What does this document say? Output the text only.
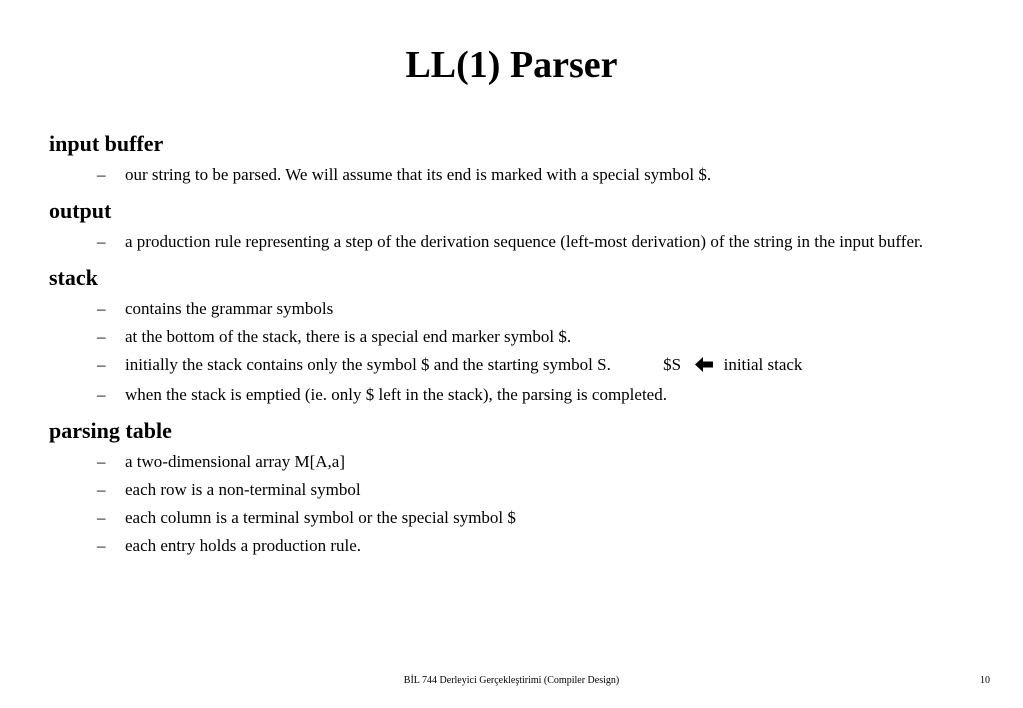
LL(1) Parser
input buffer
– our string to be parsed. We will assume that its end is marked with a special symbol $.
output
– a production rule representing a step of the derivation sequence (left-most derivation) of the string in the input buffer.
stack
– contains the grammar symbols
– at the bottom of the stack, there is a special end marker symbol $.
– initially the stack contains only the symbol $ and the starting symbol S.	$S	initial stack
– when the stack is emptied (ie. only $ left in the stack), the parsing is completed.
parsing table
– a two-dimensional array M[A,a]
– each row is a non-terminal symbol
– each column is a terminal symbol or the special symbol $
– each entry holds a production rule.
BİL 744 Derleyici Gerçekleştirimi (Compiler Design)	10
